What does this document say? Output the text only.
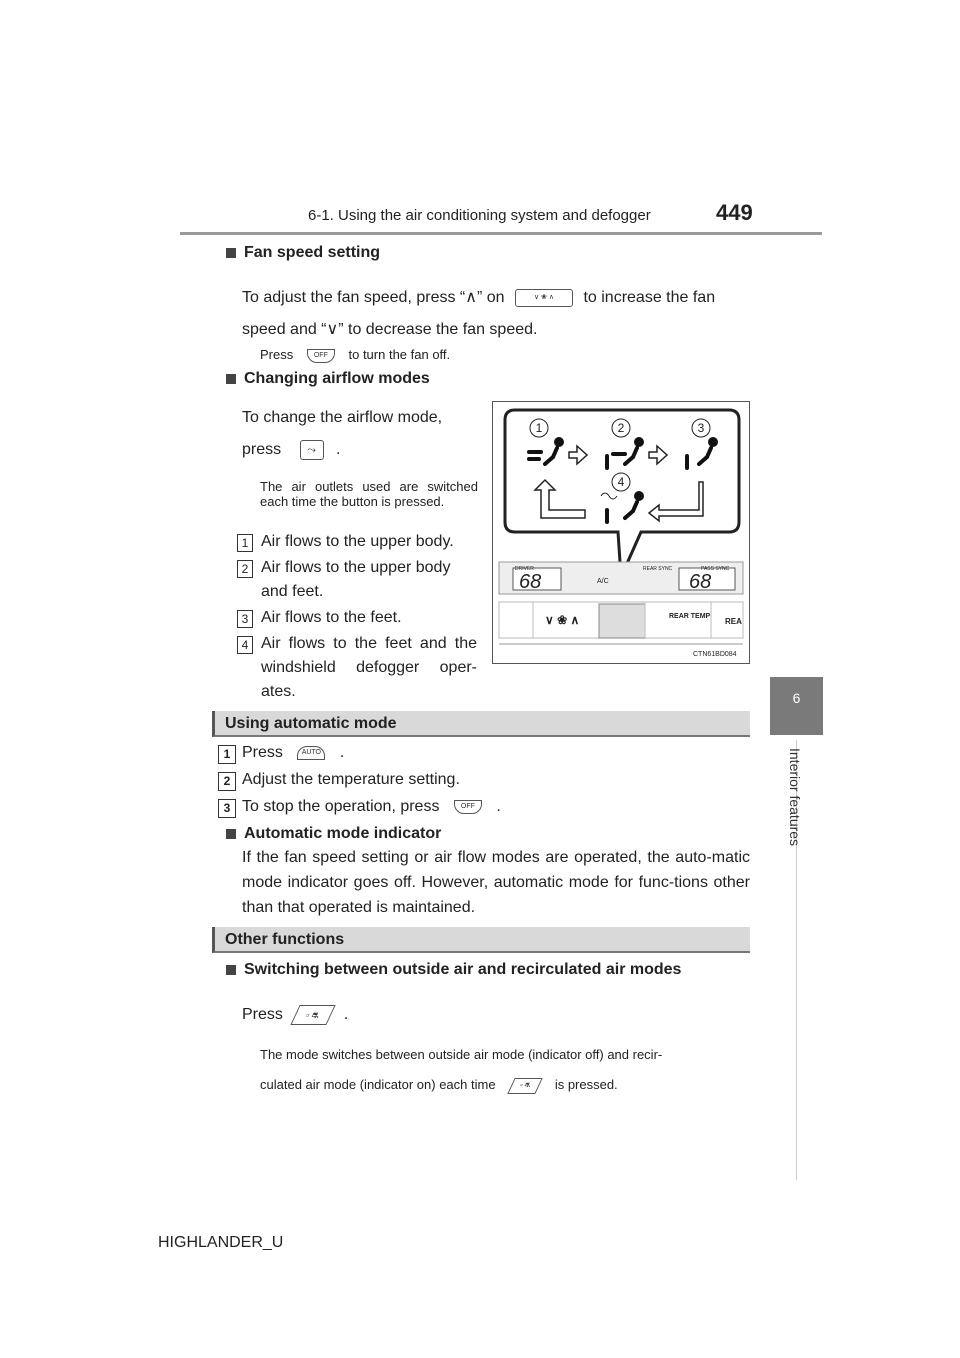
6-1. Using the air conditioning system and defogger	449
6
Interior features
Fan speed setting
To adjust the fan speed, press “∧” on	∨ ❀ ∧ to increase the fan
speed and “∨” to decrease the fan speed.
Press	OFF to turn the fan off.
Changing airflow modes
To change the airflow mode,
press ⤳ .
The air outlets used are switched each time the button is pressed.
1 Air flows to the upper body.
2 Air flows to the upper body and feet.
3 Air flows to the feet.
4 Air flows to the feet and the windshield defogger oper- ates.
1	2	3
4
DRIVER	REAR SYNC	PASS SYNC
68	68
A/C
REAR TEMP
REA
∨ ❀ ∧
CTN61BD084
Using automatic mode
1 Press	AUTO .
2 Adjust the temperature setting.
3 To stop the operation, press	OFF .
Automatic mode indicator
If the fan speed setting or air flow modes are operated, the auto-matic mode indicator goes off. However, automatic mode for func-tions other than that operated is maintained.
Other functions
Switching between outside air and recirculated air modes
Press ▫ ⛐ .
The mode switches between outside air mode (indicator off) and recir-
culated air mode (indicator on) each time	▫ ⛐ is pressed.
HIGHLANDER_U
